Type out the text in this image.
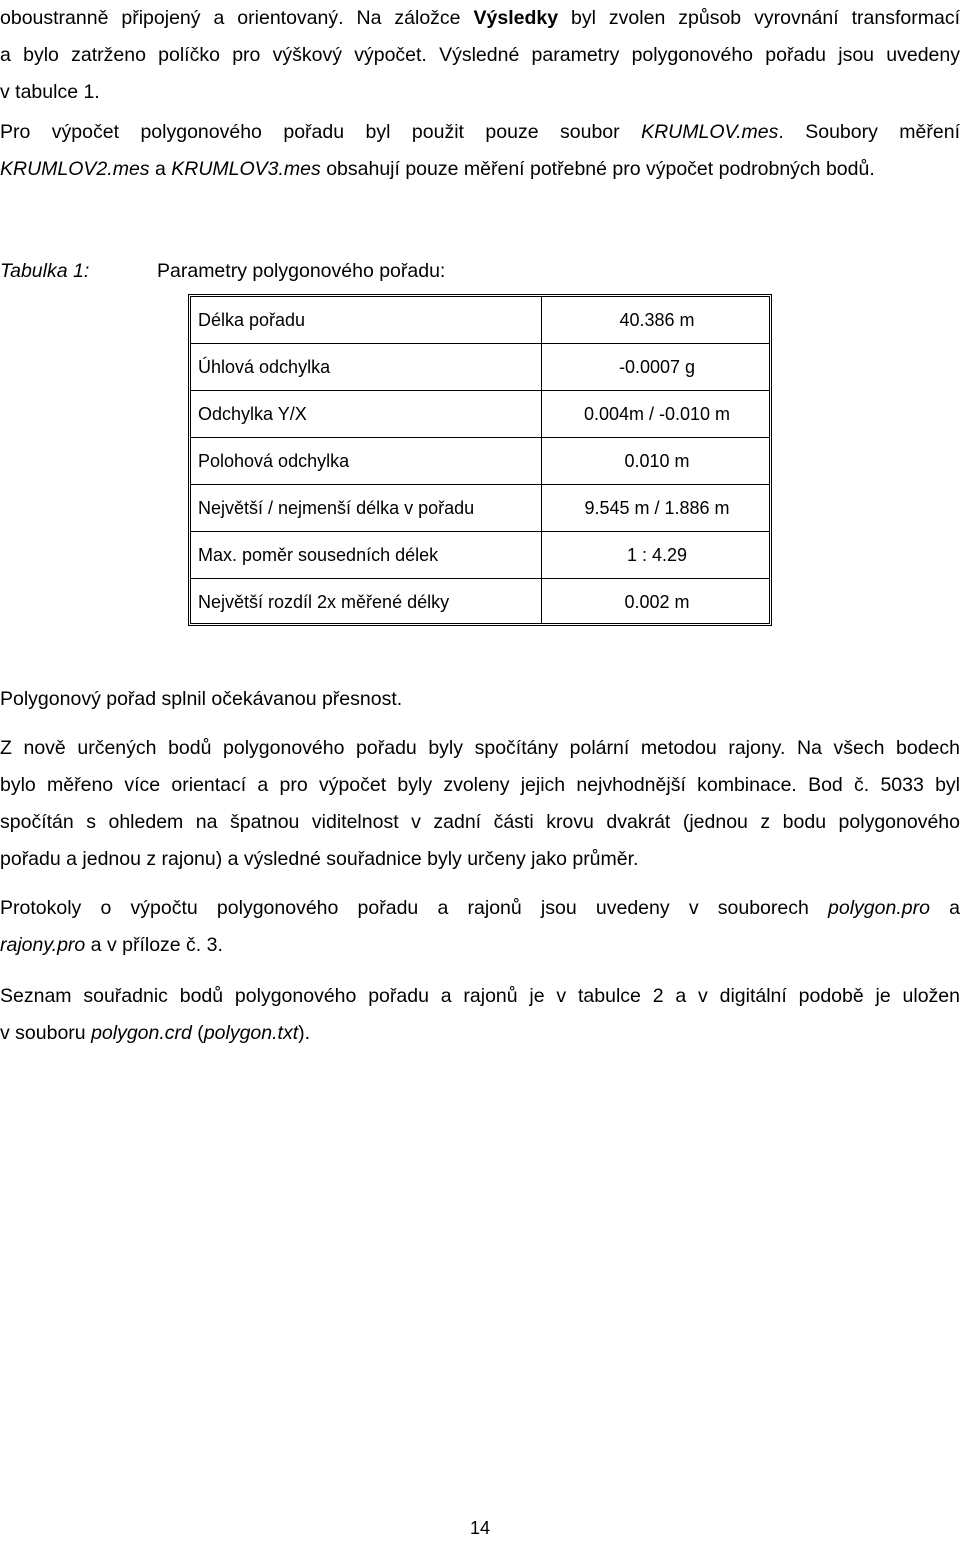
oboustranně připojený a orientovaný. Na záložce Výsledky byl zvolen způsob vyrovnání transformací
a bylo zatrženo políčko pro výškový výpočet. Výsledné parametry polygonového pořadu jsou uvedeny
v tabulce 1.
Pro výpočet polygonového pořadu byl použit pouze soubor KRUMLOV.mes. Soubory měření
KRUMLOV2.mes a KRUMLOV3.mes obsahují pouze měření potřebné pro výpočet podrobných bodů.
Tabulka 1:	Parametry polygonového pořadu:
Délka pořadu	40.386 m
Úhlová odchylka	-0.0007 g
Odchylka Y/X	0.004m / -0.010 m
Polohová odchylka	0.010 m
Největší / nejmenší délka v pořadu	9.545 m / 1.886 m
Max. poměr sousedních délek	1 : 4.29
Největší rozdíl 2x měřené délky	0.002 m
Polygonový pořad splnil očekávanou přesnost.
Z nově určených bodů polygonového pořadu byly spočítány polární metodou rajony. Na všech bodech
bylo měřeno více orientací a pro výpočet byly zvoleny jejich nejvhodnější kombinace. Bod č. 5033 byl
spočítán s ohledem na špatnou viditelnost v zadní části krovu dvakrát (jednou z bodu polygonového
pořadu a jednou z rajonu) a výsledné souřadnice byly určeny jako průměr.
Protokoly o výpočtu polygonového pořadu a rajonů jsou uvedeny v souborech polygon.pro a
rajony.pro a v příloze č. 3.
Seznam souřadnic bodů polygonového pořadu a rajonů je v tabulce 2 a v digitální podobě je uložen
v souboru polygon.crd (polygon.txt).
14
